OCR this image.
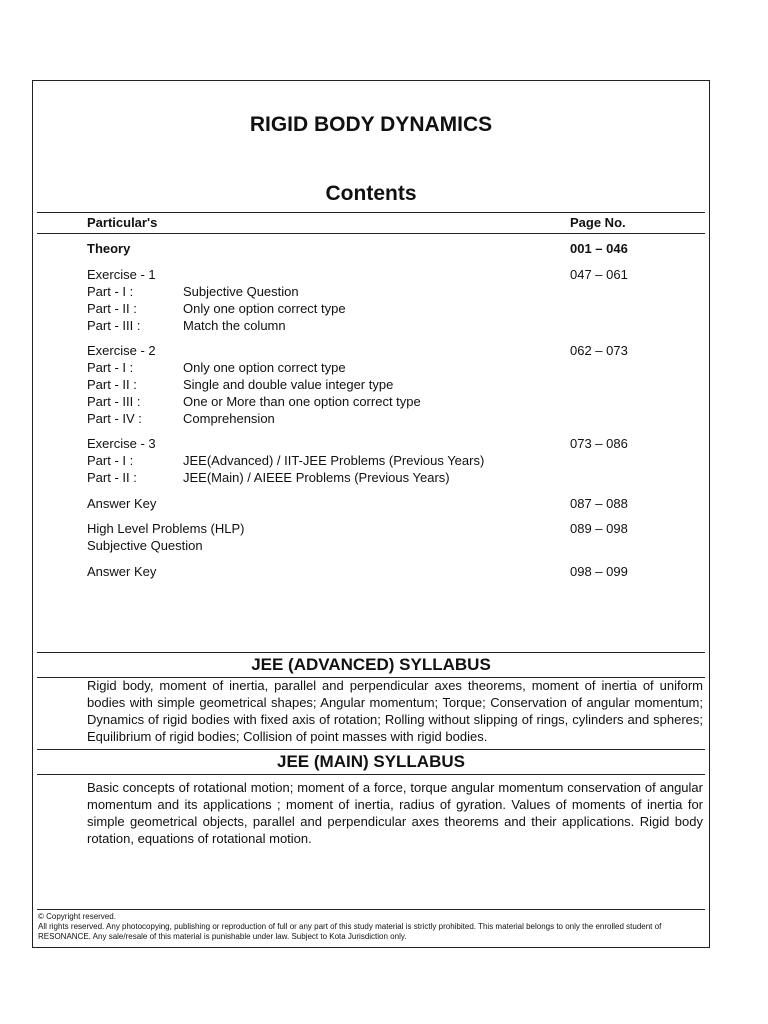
RIGID BODY DYNAMICS
Contents
Particular's	Page No.
Theory	001 – 046
Exercise - 1	047 – 061
Part - I :	Subjective Question
Part - II :	Only one option correct type
Part - III :	Match the column
Exercise - 2	062 – 073
Part - I :	Only one option correct type
Part - II :	Single and double value integer type
Part - III :	One or More than one option correct type
Part - IV :	Comprehension
Exercise - 3	073 – 086
Part - I :	JEE(Advanced) / IIT-JEE Problems (Previous Years)
Part - II :	JEE(Main) / AIEEE Problems (Previous Years)
Answer Key	087 – 088
High Level Problems (HLP)	089 – 098
Subjective Question
Answer Key	098 – 099
JEE (ADVANCED) SYLLABUS
Rigid body, moment of inertia, parallel and perpendicular axes theorems, moment of inertia of uniform bodies with simple geometrical shapes; Angular momentum; Torque; Conservation of angular momentum; Dynamics of rigid bodies with fixed axis of rotation; Rolling without slipping of rings, cylinders and spheres; Equilibrium of rigid bodies; Collision of point masses with rigid bodies.
JEE (MAIN) SYLLABUS
Basic concepts of rotational motion; moment of a force, torque angular momentum conservation of angular momentum and its applications ; moment of inertia, radius of gyration. Values of moments of inertia for simple geometrical objects, parallel and perpendicular axes theorems and their applications. Rigid body rotation, equations of rotational motion.
© Copyright reserved.
All rights reserved. Any photocopying, publishing or reproduction of full or any part of this study material is strictly prohibited. This material belongs to only the enrolled student of RESONANCE. Any sale/resale of this material is punishable under law. Subject to Kota Jurisdiction only.
